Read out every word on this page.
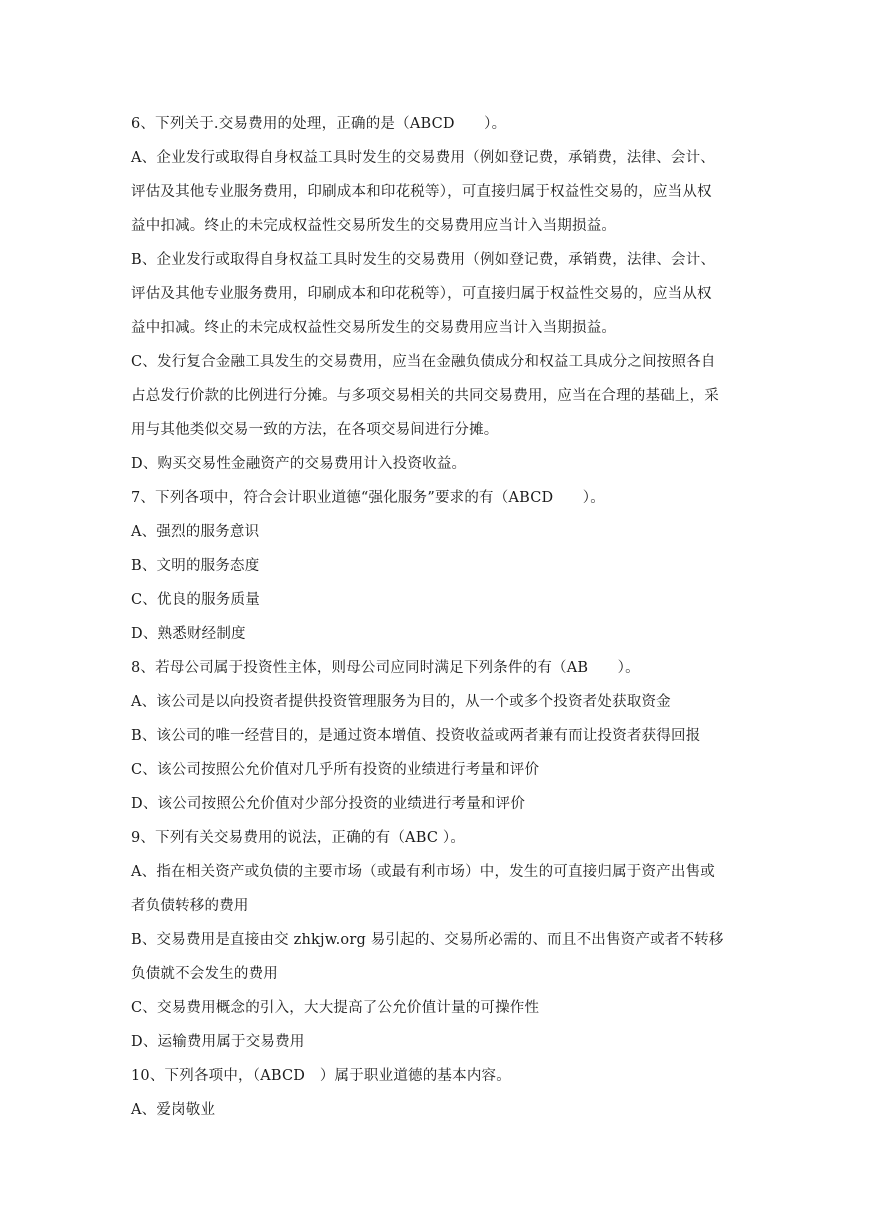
6、下列关于.交易费用的处理，正确的是（ABCD　　）。
A、企业发行或取得自身权益工具时发生的交易费用（例如登记费，承销费，法律、会计、
评估及其他专业服务费用，印刷成本和印花税等），可直接归属于权益性交易的，应当从权
益中扣减。终止的未完成权益性交易所发生的交易费用应当计入当期损益。
B、企业发行或取得自身权益工具时发生的交易费用（例如登记费，承销费，法律、会计、
评估及其他专业服务费用，印刷成本和印花税等），可直接归属于权益性交易的，应当从权
益中扣减。终止的未完成权益性交易所发生的交易费用应当计入当期损益。
C、发行复合金融工具发生的交易费用，应当在金融负债成分和权益工具成分之间按照各自
占总发行价款的比例进行分摊。与多项交易相关的共同交易费用，应当在合理的基础上，采
用与其他类似交易一致的方法，在各项交易间进行分摊。
D、购买交易性金融资产的交易费用计入投资收益。
7、下列各项中，符合会计职业道德“强化服务”要求的有（ABCD　　）。
A、强烈的服务意识
B、文明的服务态度
C、优良的服务质量
D、熟悉财经制度
8、若母公司属于投资性主体，则母公司应同时满足下列条件的有（AB　　）。
A、该公司是以向投资者提供投资管理服务为目的，从一个或多个投资者处获取资金
B、该公司的唯一经营目的，是通过资本增值、投资收益或两者兼有而让投资者获得回报
C、该公司按照公允价值对几乎所有投资的业绩进行考量和评价
D、该公司按照公允价值对少部分投资的业绩进行考量和评价
9、下列有关交易费用的说法，正确的有（ABC ）。
A、指在相关资产或负债的主要市场（或最有利市场）中，发生的可直接归属于资产出售或
者负债转移的费用
B、交易费用是直接由交 zhkjw.org 易引起的、交易所必需的、而且不出售资产或者不转移
负债就不会发生的费用
C、交易费用概念的引入，大大提高了公允价值计量的可操作性
D、运输费用属于交易费用
10、下列各项中，（ABCD　）属于职业道德的基本内容。
A、爱岗敬业
